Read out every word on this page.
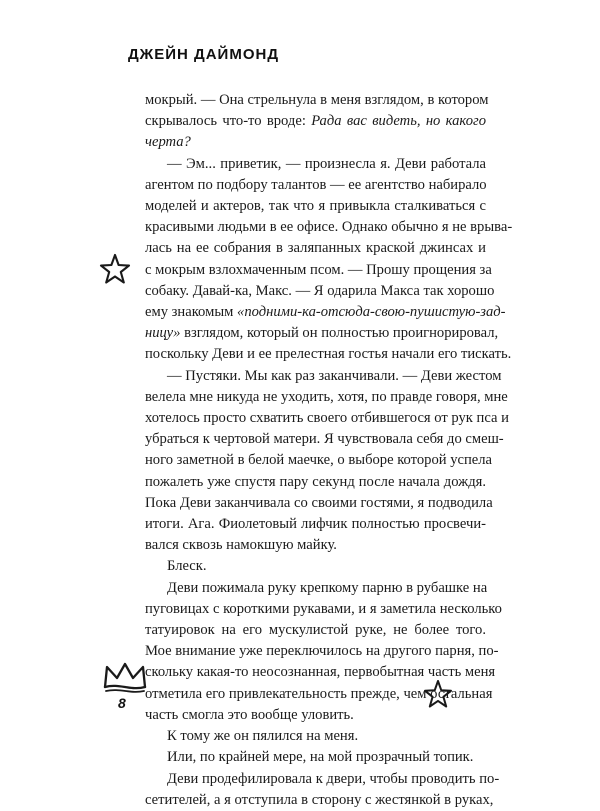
ДЖЕЙН ДАЙМОНД
мокрый. — Она стрельнула в меня взглядом, в котором
скрывалось что-то вроде: Рада вас видеть, но какого
черта?
— Эм... приветик, — произнесла я. Деви работала
агентом по подбору талантов — ее агентство набирало
моделей и актеров, так что я привыкла сталкиваться с
красивыми людьми в ее офисе. Однако обычно я не врыва-
лась на ее собрания в заляпанных краской джинсах и
с мокрым взлохмаченным псом. — Прошу прощения за
собаку. Давай-ка, Макс. — Я одарила Макса так хорошо
ему знакомым «подними-ка-отсюда-свою-пушистую-зад-
ницу» взглядом, который он полностью проигнорировал,
поскольку Деви и ее прелестная гостья начали его тискать.
— Пустяки. Мы как раз заканчивали. — Деви жестом
велела мне никуда не уходить, хотя, по правде говоря, мне
хотелось просто схватить своего отбившегося от рук пса и
убраться к чертовой матери. Я чувствовала себя до смеш-
ного заметной в белой маечке, о выборе которой успела
пожалеть уже спустя пару секунд после начала дождя.
Пока Деви заканчивала со своими гостями, я подводила
итоги. Ага. Фиолетовый лифчик полностью просвечи-
вался сквозь намокшую майку.
Блеск.
Деви пожимала руку крепкому парню в рубашке на
пуговицах с короткими рукавами, и я заметила несколько
татуировок на его мускулистой руке, не более того.
Мое внимание уже переключилось на другого парня, по-
скольку какая-то неосознанная, первобытная часть меня
отметила его привлекательность прежде, чем остальная
часть смогла это вообще уловить.
К тому же он пялился на меня.
Или, по крайней мере, на мой прозрачный топик.
Деви продефилировала к двери, чтобы проводить по-
сетителей, а я отступила в сторону с жестянкой в руках,
8
